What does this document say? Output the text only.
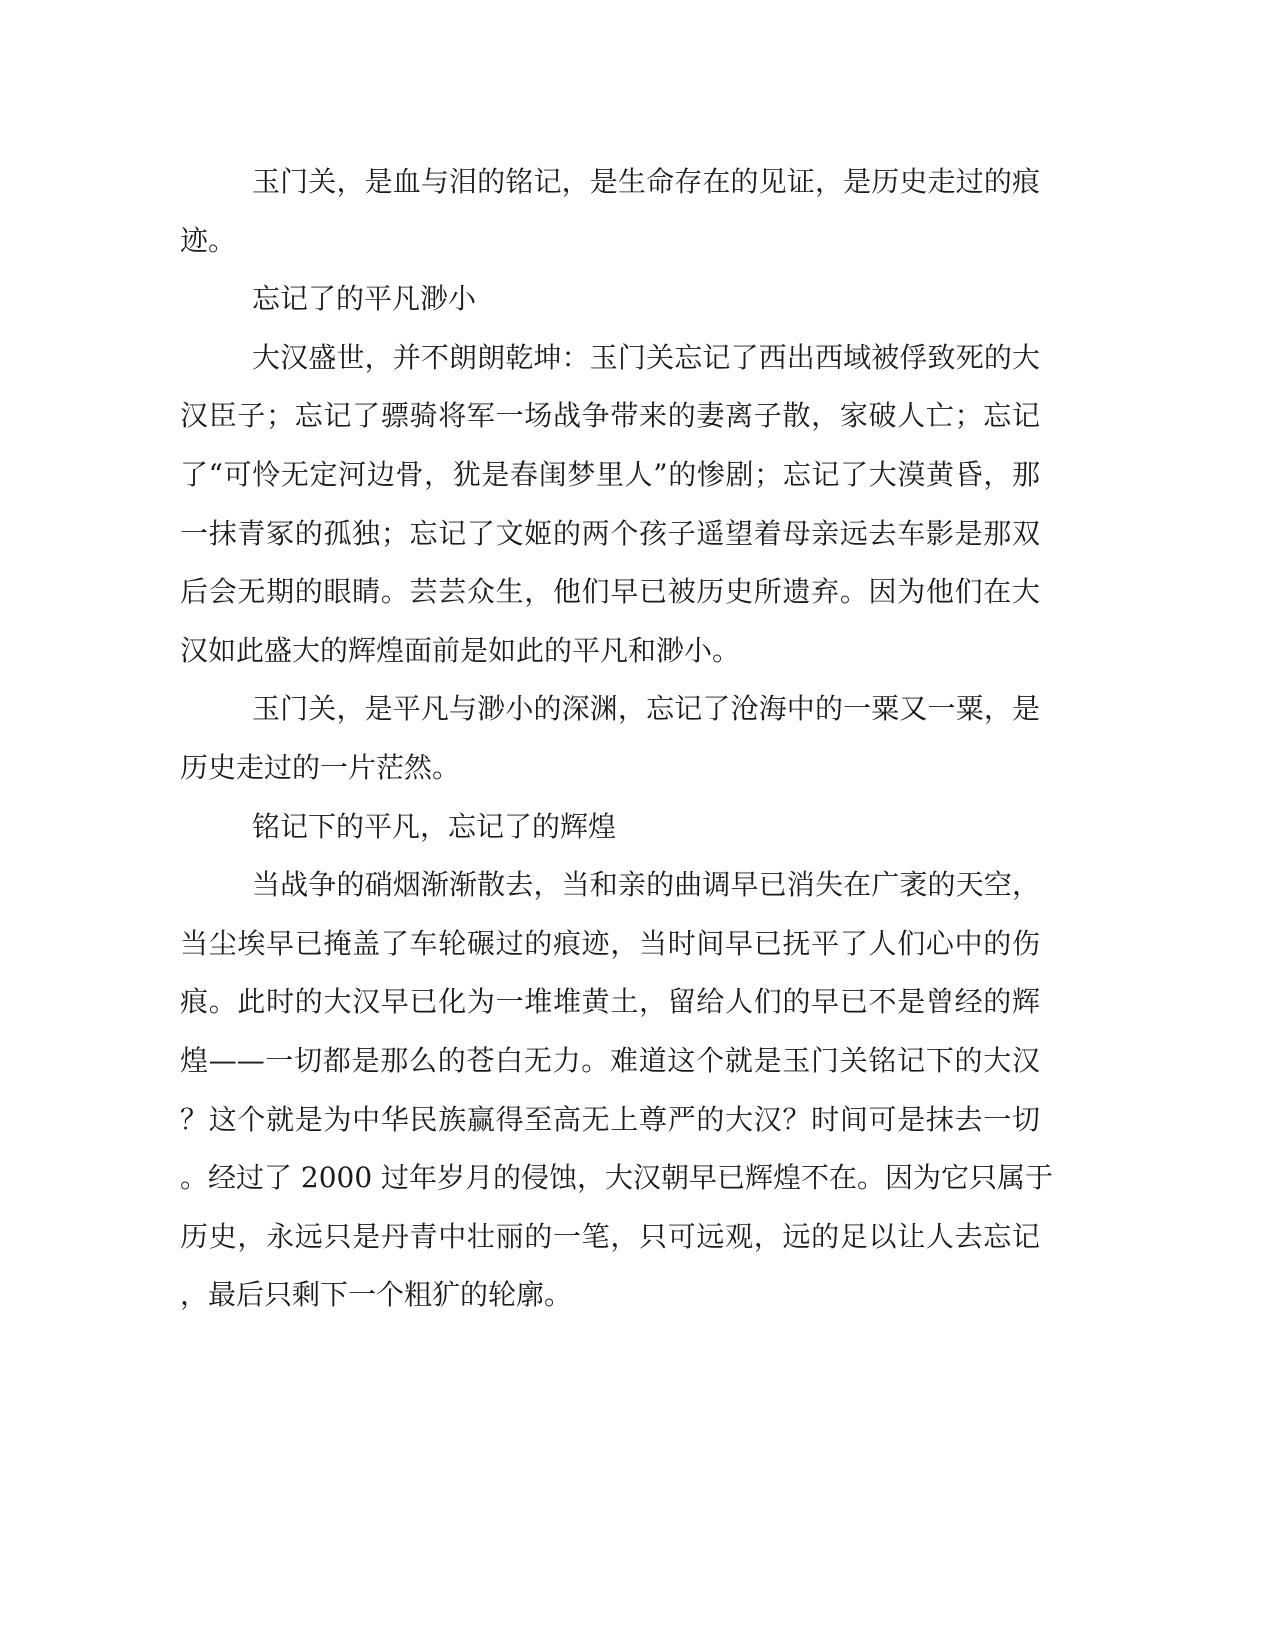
玉门关，是血与泪的铭记，是生命存在的见证，是历史走过的痕
迹。
忘记了的平凡渺小
大汉盛世，并不朗朗乾坤：玉门关忘记了西出西域被俘致死的大
汉臣子；忘记了骠骑将军一场战争带来的妻离子散，家破人亡；忘记
了“可怜无定河边骨，犹是春闺梦里人”的惨剧；忘记了大漠黄昏，那
一抹青冢的孤独；忘记了文姬的两个孩子遥望着母亲远去车影是那双
后会无期的眼睛。芸芸众生，他们早已被历史所遗弃。因为他们在大
汉如此盛大的辉煌面前是如此的平凡和渺小。
玉门关，是平凡与渺小的深渊，忘记了沧海中的一粟又一粟，是
历史走过的一片茫然。
铭记下的平凡，忘记了的辉煌
当战争的硝烟渐渐散去，当和亲的曲调早已消失在广袤的天空，
当尘埃早已掩盖了车轮碾过的痕迹，当时间早已抚平了人们心中的伤
痕。此时的大汉早已化为一堆堆黄土，留给人们的早已不是曾经的辉
煌——一切都是那么的苍白无力。难道这个就是玉门关铭记下的大汉
？这个就是为中华民族赢得至高无上尊严的大汉？时间可是抹去一切
。经过了 2000 过年岁月的侵蚀，大汉朝早已辉煌不在。因为它只属于
历史，永远只是丹青中壮丽的一笔，只可远观，远的足以让人去忘记
，最后只剩下一个粗犷的轮廓。
